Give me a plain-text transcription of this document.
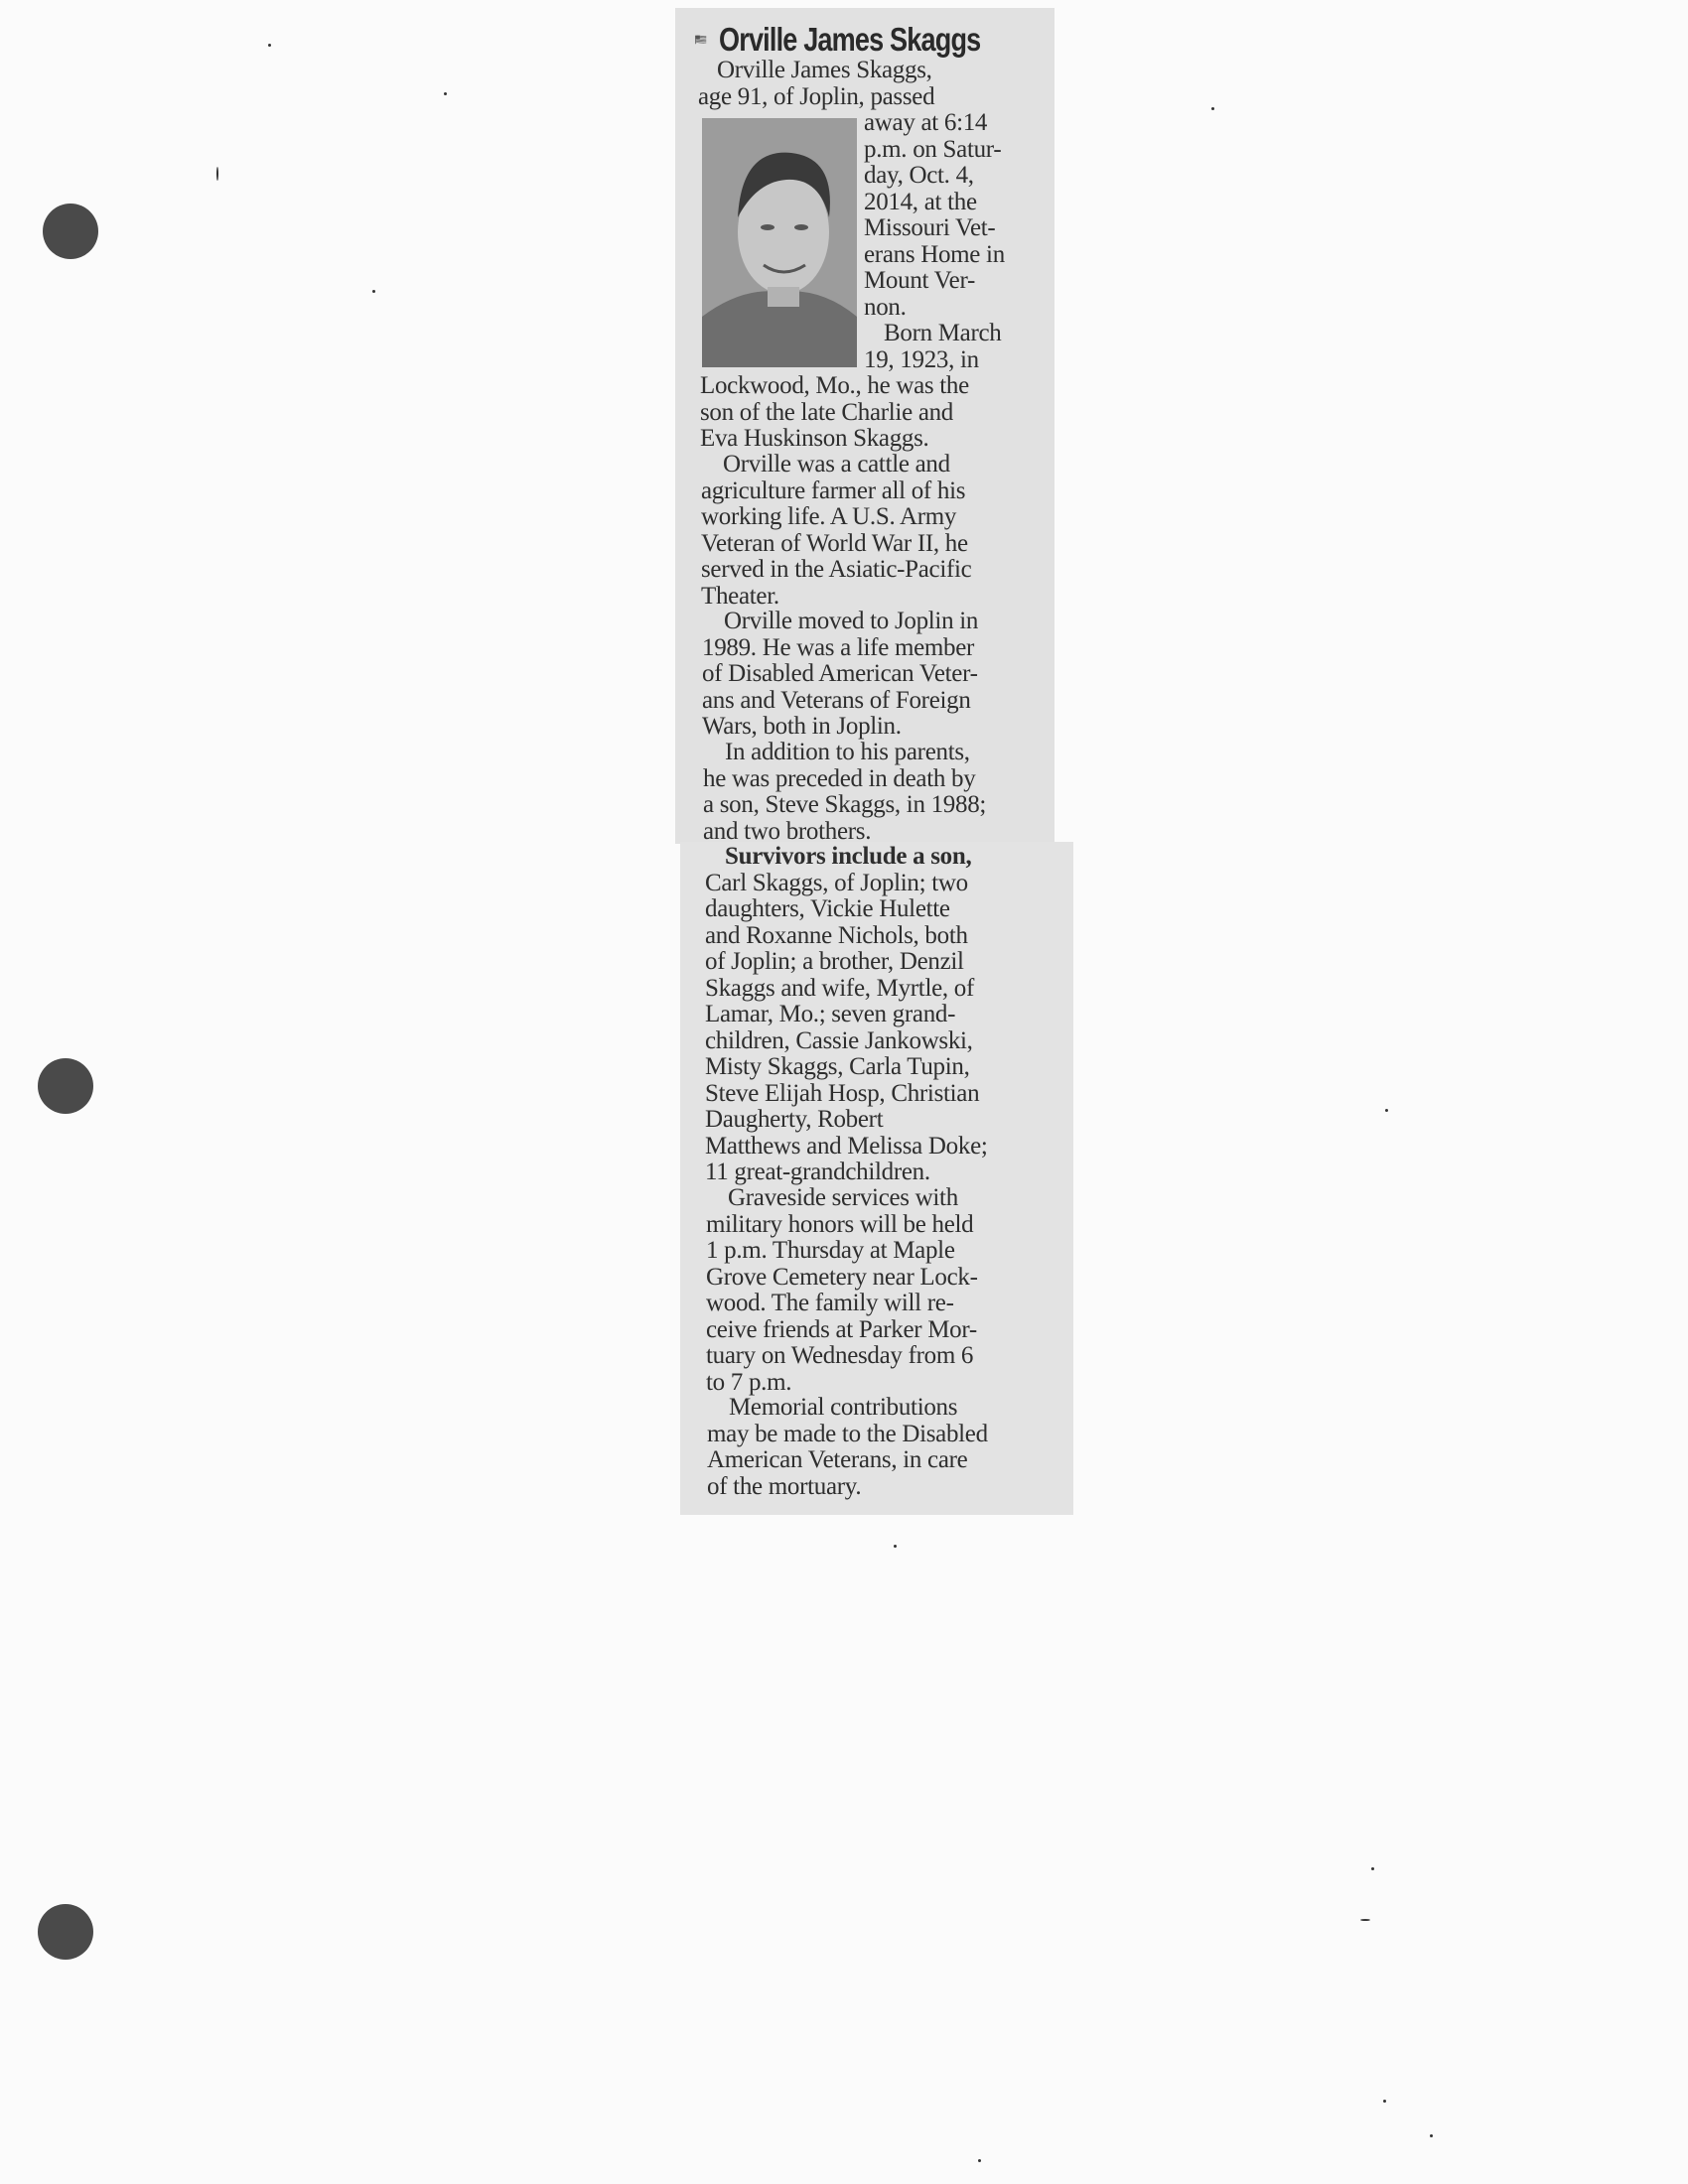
Orville James Skaggs

Orville James Skaggs,

age 91, of Joplin, passed

away at 6:14
p.m. on Satur-
day, Oct. 4,
2014, at the
Missouri Vet-
erans Home in
Mount Ver-
non.
Born March
19, 1923, in

Lockwood, Mo., he was the
son of the late Charlie and
Eva Huskinson Skaggs.

Orville was a cattle and
agriculture farmer all of his
working life. A U.S. Army
Veteran of World War II, he
served in the Asiatic-Pacific
Theater.

Orville moved to Joplin in
1989. He was a life member
of Disabled American Veter-
ans and Veterans of Foreign
Wars, both in Joplin.

In addition to his parents,
he was preceded in death by
a son, Steve Skaggs, in 1988;
and two brothers.

Survivors include a son,
Carl Skaggs, of Joplin; two
daughters, Vickie Hulette
and Roxanne Nichols, both
of Joplin; a brother, Denzil
Skaggs and wife, Myrtle, of
Lamar, Mo.; seven grand-
children, Cassie Jankowski,
Misty Skaggs, Carla Tupin,
Steve Elijah Hosp, Christian
Daugherty, Robert
Matthews and Melissa Doke;
11 great-grandchildren.

Graveside services with
military honors will be held
1 p.m. Thursday at Maple
Grove Cemetery near Lock-
wood. The family will re-
ceive friends at Parker Mor-
tuary on Wednesday from 6
to 7 p.m.

Memorial contributions
may be made to the Disabled
American Veterans, in care
of the mortuary.
